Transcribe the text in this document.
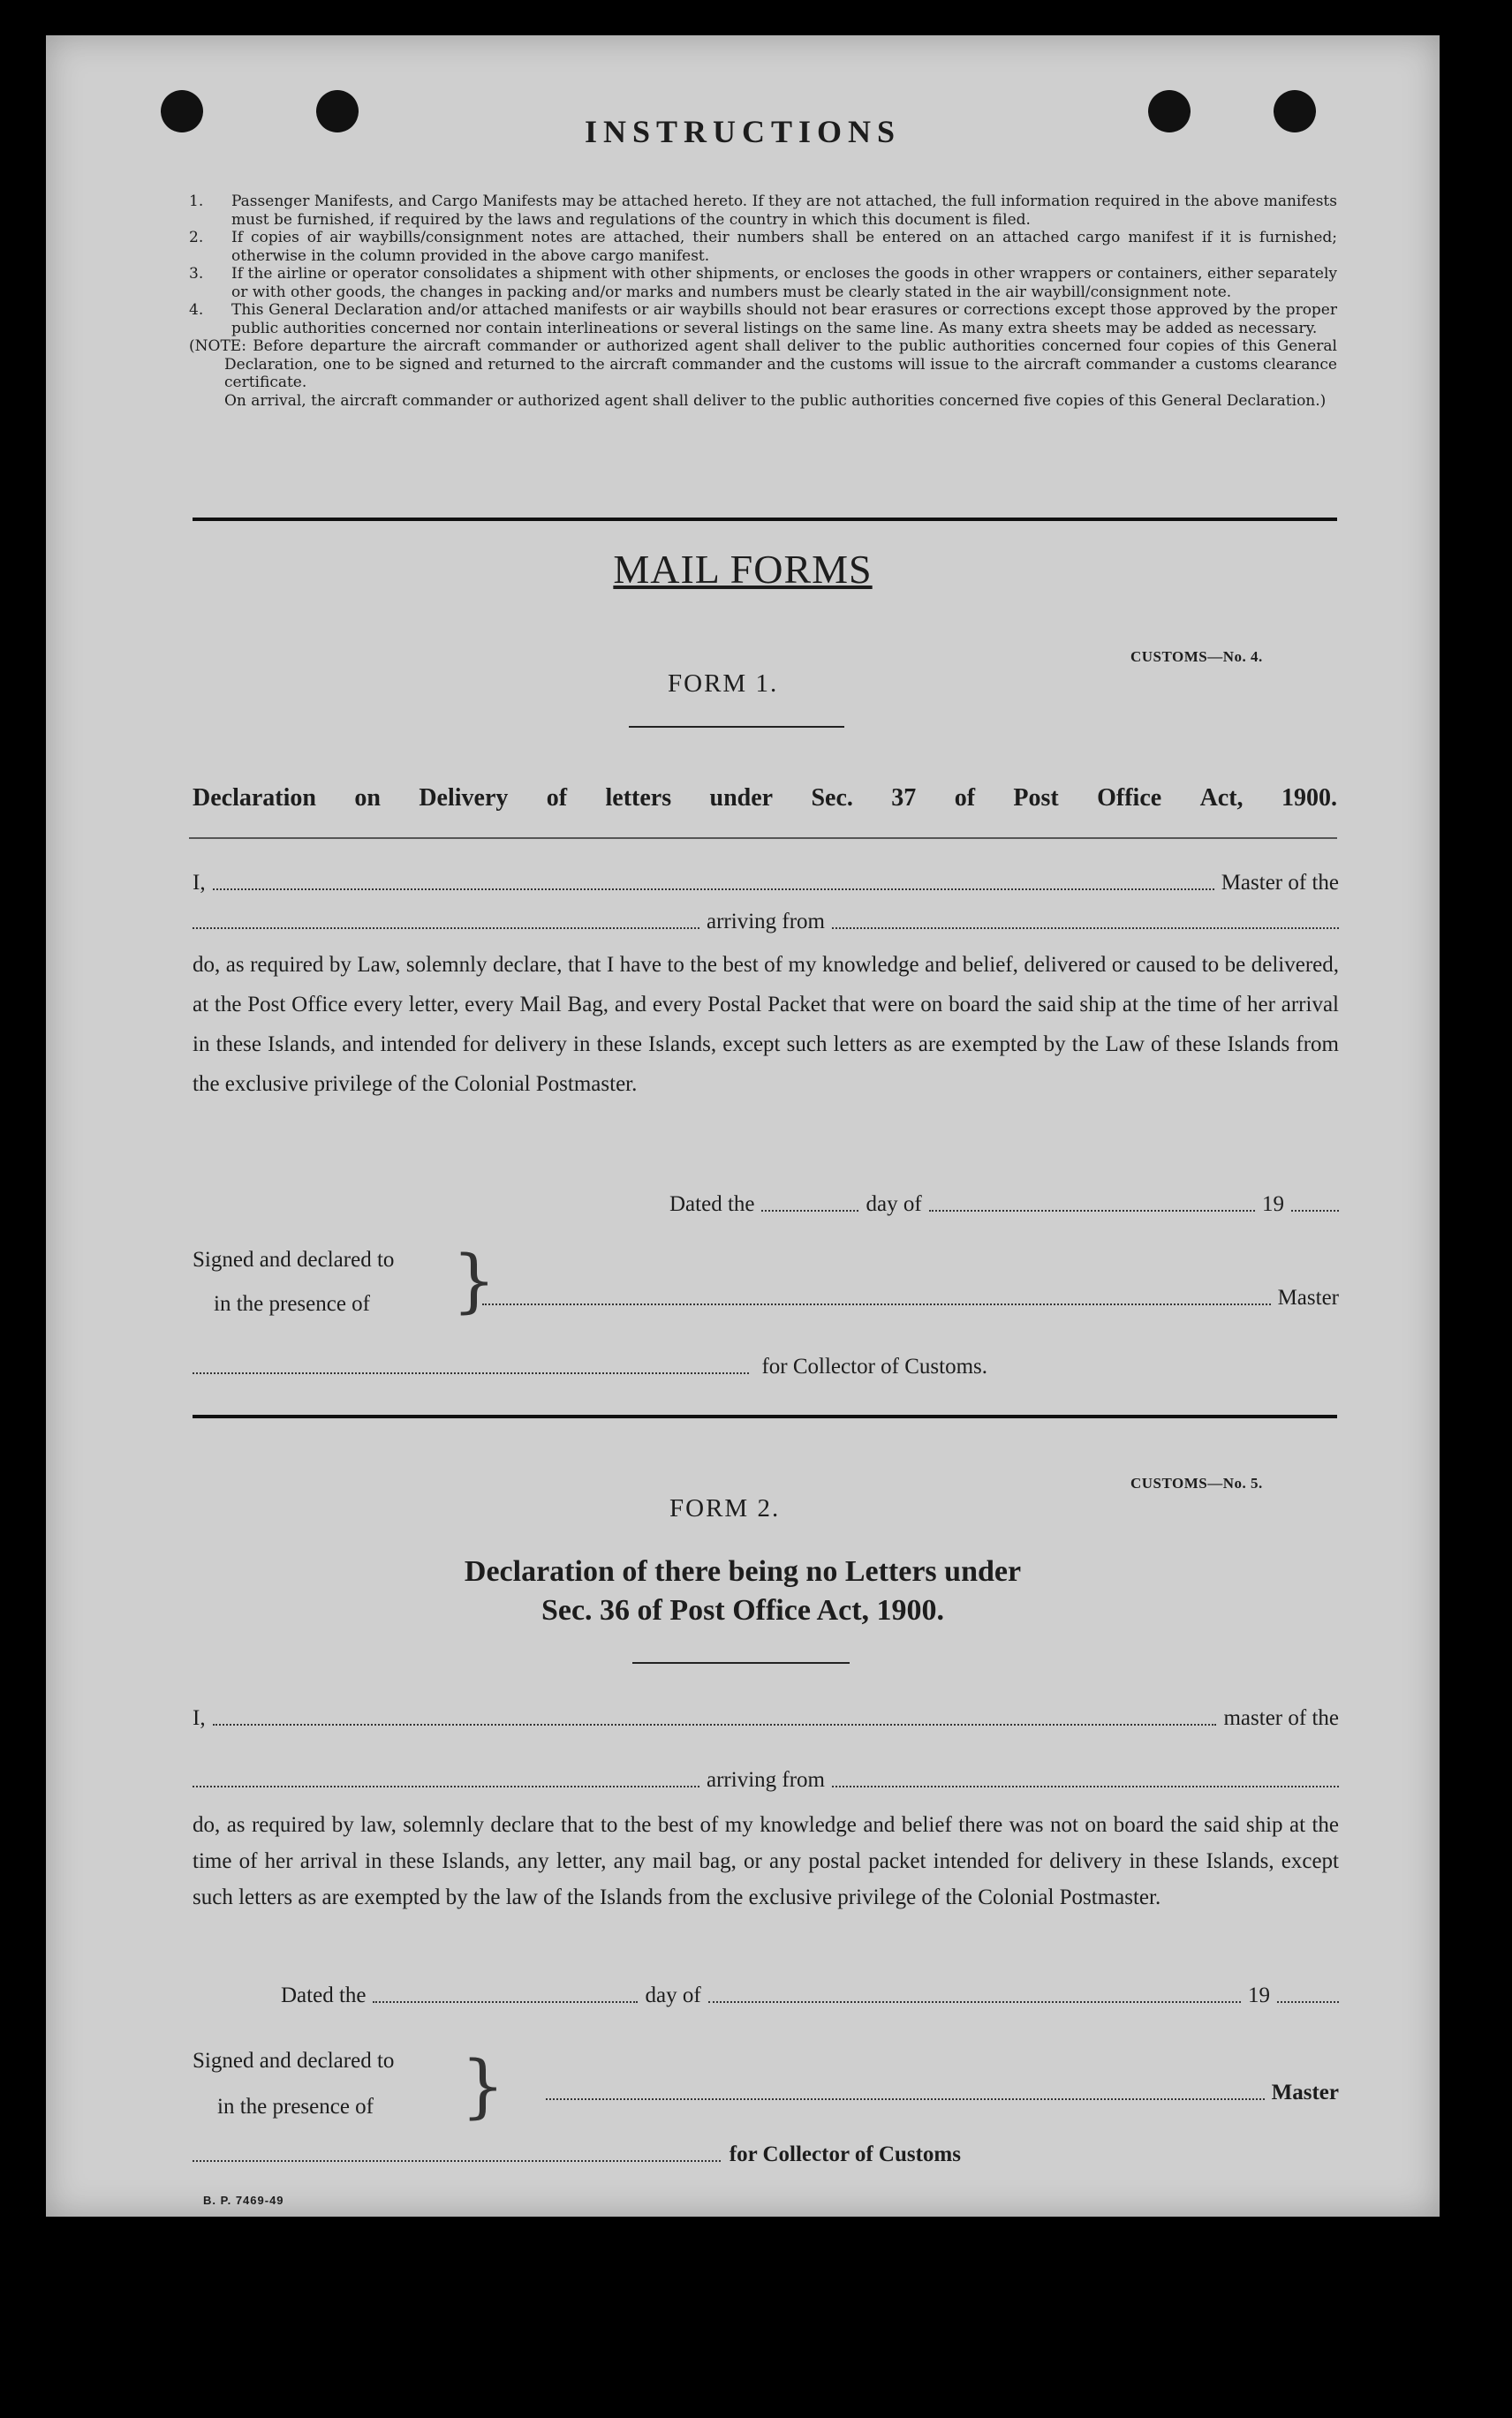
INSTRUCTIONS
1.	Passenger Manifests, and Cargo Manifests may be attached hereto. If they are not attached, the full information required in the above manifests must be furnished, if required by the laws and regulations of the country in which this document is filed.
2.	If copies of air waybills/consignment notes are attached, their numbers shall be entered on an attached cargo manifest if it is furnished; otherwise in the column provided in the above cargo manifest.
3.	If the airline or operator consolidates a shipment with other shipments, or encloses the goods in other wrappers or containers, either separately or with other goods, the changes in packing and/or marks and numbers must be clearly stated in the air waybill/consignment note.
4.	This General Declaration and/or attached manifests or air waybills should not bear erasures or corrections except those approved by the proper public authorities concerned nor contain interlineations or several listings on the same line. As many extra sheets may be added as necessary.
(NOTE: Before departure the aircraft commander or authorized agent shall deliver to the public authorities concerned four copies of this General Declaration, one to be signed and returned to the aircraft commander and the customs will issue to the aircraft commander a customs clearance certificate.
On arrival, the aircraft commander or authorized agent shall deliver to the public authorities concerned five copies of this General Declaration.)
MAIL FORMS
CUSTOMS—No. 4.
FORM 1.
Declaration on Delivery of letters under Sec. 37 of Post Office Act, 1900.
I,	Master of the
arriving from
do, as required by Law, solemnly declare, that I have to the best of my knowledge and belief, delivered or caused to be delivered, at the Post Office every letter, every Mail Bag, and every Postal Packet that were on board the said ship at the time of her arrival in these Islands, and intended for delivery in these Islands, except such letters as are exempted by the Law of these Islands from the exclusive privilege of the Colonial Postmaster.
Dated the	day of	19
Signed and declared to
in the presence of	}	Master
for Collector of Customs.
CUSTOMS—No. 5.
FORM 2.
Declaration of there being no Letters under
Sec. 36 of Post Office Act, 1900.
I,	master of the
arriving from
do, as required by law, solemnly declare that to the best of my knowledge and belief there was not on board the said ship at the time of her arrival in these Islands, any letter, any mail bag, or any postal packet intended for delivery in these Islands, except such letters as are exempted by the law of the Islands from the exclusive privilege of the Colonial Postmaster.
Dated the	day of	19
Signed and declared to
in the presence of }	Master
for Collector of Customs
B. P. 7469-49
